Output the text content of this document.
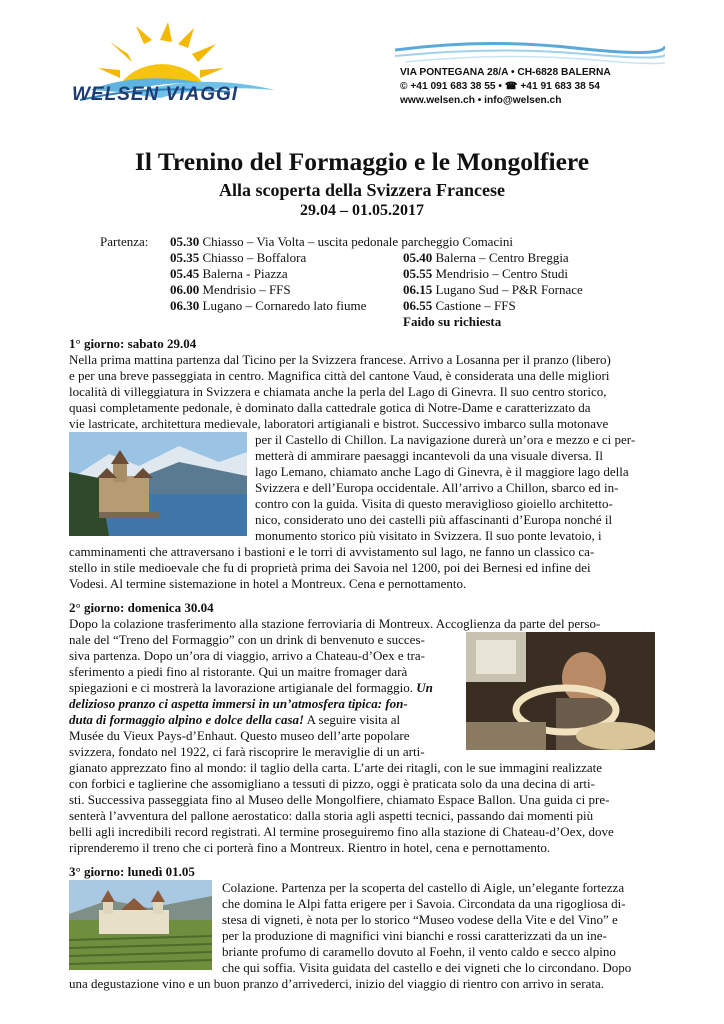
WELSEN VIAGGI
VIA PONTEGANA 28/A • CH-6828 BALERNA
© +41 091 683 38 55 • ☎ +41 91 683 38 54
www.welsen.ch • info@welsen.ch
Il Trenino del Formaggio e le Mongolfiere
Alla scoperta della Svizzera Francese
29.04 – 01.05.2017
Partenza: 05.30 Chiasso – Via Volta – uscita pedonale parcheggio Comacini
05.35 Chiasso – Boffalora
05.45 Balerna - Piazza
06.00 Mendrisio – FFS
06.30 Lugano – Cornaredo lato fiume
05.40 Balerna – Centro Breggia
05.55 Mendrisio – Centro Studi
06.15 Lugano Sud – P&R Fornace
06.55 Castione – FFS
Faido su richiesta
1° giorno: sabato 29.04
Nella prima mattina partenza dal Ticino per la Svizzera francese. Arrivo a Losanna per il pranzo (libero)
e per una breve passeggiata in centro. Magnifica città del cantone Vaud, è considerata una delle migliori
località di villeggiatura in Svizzera e chiamata anche la perla del Lago di Ginevra. Il suo centro storico,
quasi completamente pedonale, è dominato dalla cattedrale gotica di Notre-Dame e caratterizzato da
vie lastricate, architettura medievale, laboratori artigianali e bistrot. Successivo imbarco sulla motonave
per il Castello di Chillon. La navigazione durerà un’ora e mezzo e ci per-
metterà di ammirare paesaggi incantevoli da una visuale diversa. Il
lago Lemano, chiamato anche Lago di Ginevra, è il maggiore lago della
Svizzera e dell’Europa occidentale. All’arrivo a Chillon, sbarco ed in-
contro con la guida. Visita di questo meraviglioso gioiello architetto-
nico, considerato uno dei castelli più affascinanti d’Europa nonché il
monumento storico più visitato in Svizzera. Il suo ponte levatoio, i
camminamenti che attraversano i bastioni e le torri di avvistamento sul lago, ne fanno un classico ca-
stello in stile medioevale che fu di proprietà prima dei Savoia nel 1200, poi dei Bernesi ed infine dei
Vodesi. Al termine sistemazione in hotel a Montreux. Cena e pernottamento.
2° giorno: domenica 30.04
Dopo la colazione trasferimento alla stazione ferroviaria di Montreux. Accoglienza da parte del perso-
nale del “Treno del Formaggio” con un drink di benvenuto e succes-
siva partenza. Dopo un’ora di viaggio, arrivo a Chateau-d’Oex e tra-
sferimento a piedi fino al ristorante. Qui un maitre fromager darà
spiegazioni e ci mostrerà la lavorazione artigianale del formaggio. Un
delizioso pranzo ci aspetta immersi in un’atmosfera tipica: fon-
duta di formaggio alpino e dolce della casa! A seguire visita al
Musée du Vieux Pays-d’Enhaut. Questo museo dell’arte popolare
svizzera, fondato nel 1922, ci farà riscoprire le meraviglie di un arti-
gianato apprezzato fino al mondo: il taglio della carta. L’arte dei ritagli, con le sue immagini realizzate
con forbici e taglierine che assomigliano a tessuti di pizzo, oggi è praticata solo da una decina di arti-
sti. Successiva passeggiata fino al Museo delle Mongolfiere, chiamato Espace Ballon. Una guida ci pre-
senterà l’avventura del pallone aerostatico: dalla storia agli aspetti tecnici, passando dai momenti più
belli agli incredibili record registrati. Al termine proseguiremo fino alla stazione di Chateau-d’Oex, dove
riprenderemo il treno che ci porterà fino a Montreux. Rientro in hotel, cena e pernottamento.
3° giorno: lunedì 01.05
Colazione. Partenza per la scoperta del castello di Aigle, un’elegante fortezza
che domina le Alpi fatta erigere per i Savoia. Circondata da una rigogliosa di-
stesa di vigneti, è nota per lo storico “Museo vodese della Vite e del Vino” e
per la produzione di magnifici vini bianchi e rossi caratterizzati da un ine-
briante profumo di caramello dovuto al Foehn, il vento caldo e secco alpino
che qui soffia. Visita guidata del castello e dei vigneti che lo circondano. Dopo
una degustazione vino e un buon pranzo d’arrivederci, inizio del viaggio di rientro con arrivo in serata.
